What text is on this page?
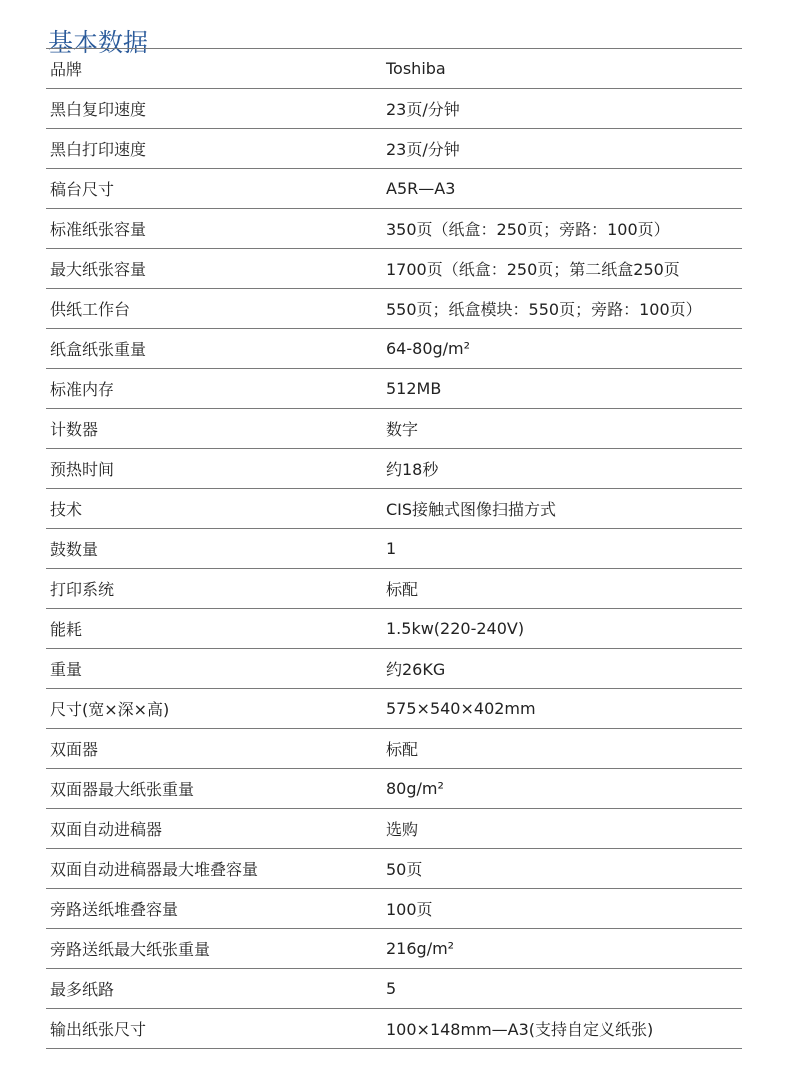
基本数据
品牌	Toshiba
黑白复印速度	23页/分钟
黑白打印速度	23页/分钟
稿台尺寸	A5R—A3
标准纸张容量	350页（纸盒：250页；旁路：100页）
最大纸张容量	1700页（纸盒：250页；第二纸盒250页
供纸工作台	550页；纸盒模块：550页；旁路：100页）
纸盒纸张重量	64-80g/m²
标准内存	512MB
计数器	数字
预热时间	约18秒
技术	CIS接触式图像扫描方式
鼓数量	1
打印系统	标配
能耗	1.5kw(220-240V)
重量	约26KG
尺寸(宽×深×高)	575×540×402mm
双面器	标配
双面器最大纸张重量	80g/m²
双面自动进稿器	选购
双面自动进稿器最大堆叠容量	50页
旁路送纸堆叠容量	100页
旁路送纸最大纸张重量	216g/m²
最多纸路	5
输出纸张尺寸	100×148mm—A3(支持自定义纸张)
